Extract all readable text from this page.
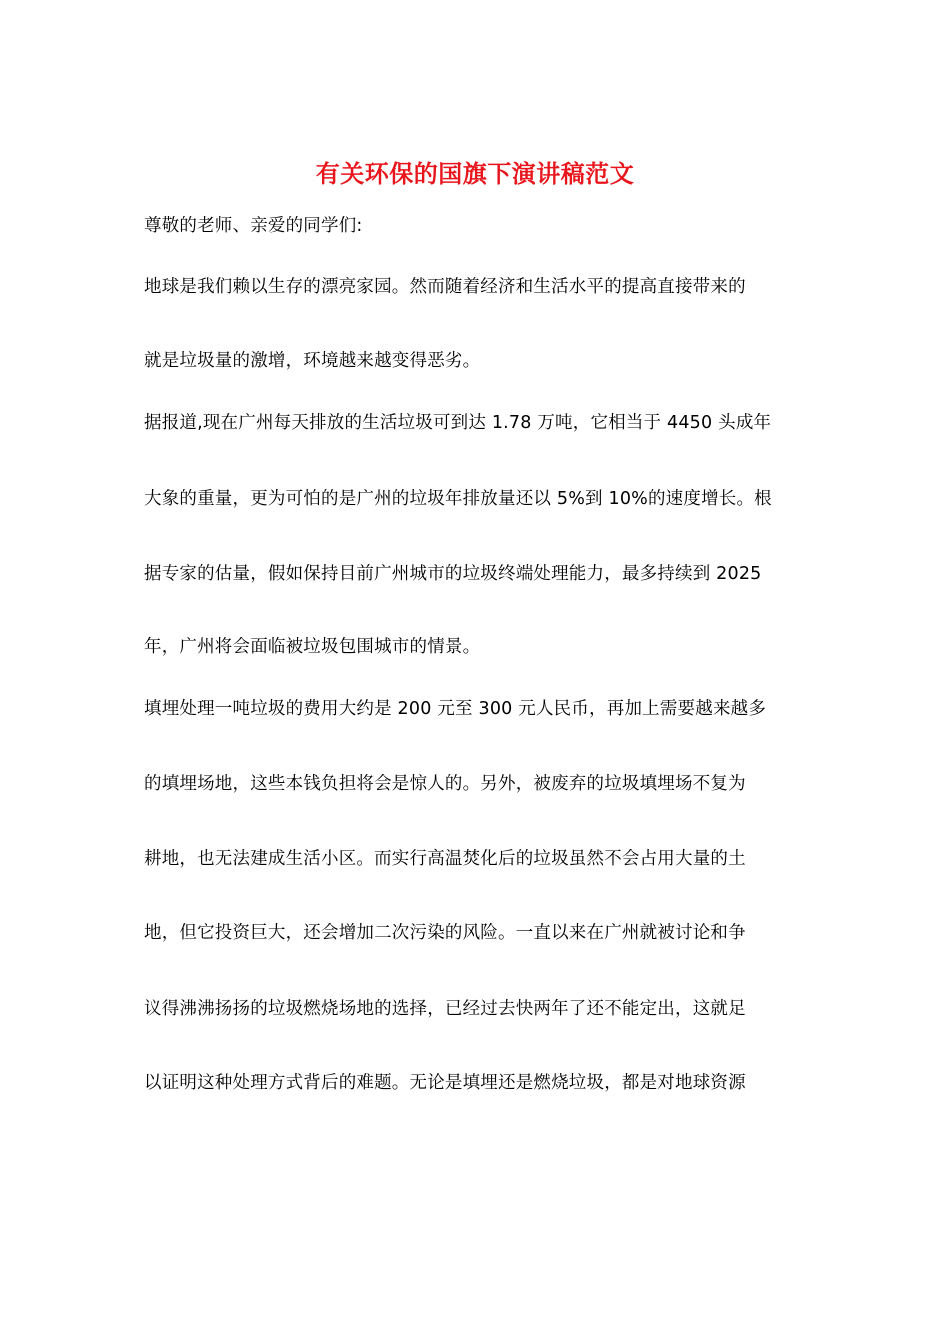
有关环保的国旗下演讲稿范文
尊敬的老师、亲爱的同学们:
地球是我们赖以生存的漂亮家园。然而随着经济和生活水平的提高直接带来的
就是垃圾量的激增，环境越来越变得恶劣。
据报道,现在广州每天排放的生活垃圾可到达 1.78 万吨，它相当于 4450 头成年
大象的重量，更为可怕的是广州的垃圾年排放量还以 5%到 10%的速度增长。根
据专家的估量，假如保持目前广州城市的垃圾终端处理能力，最多持续到 2025
年，广州将会面临被垃圾包围城市的情景。
填埋处理一吨垃圾的费用大约是 200 元至 300 元人民币，再加上需要越来越多
的填埋场地，这些本钱负担将会是惊人的。另外，被废弃的垃圾填埋场不复为
耕地，也无法建成生活小区。而实行高温焚化后的垃圾虽然不会占用大量的土
地，但它投资巨大，还会增加二次污染的风险。一直以来在广州就被讨论和争
议得沸沸扬扬的垃圾燃烧场地的选择，已经过去快两年了还不能定出，这就足
以证明这种处理方式背后的难题。无论是填埋还是燃烧垃圾，都是对地球资源
